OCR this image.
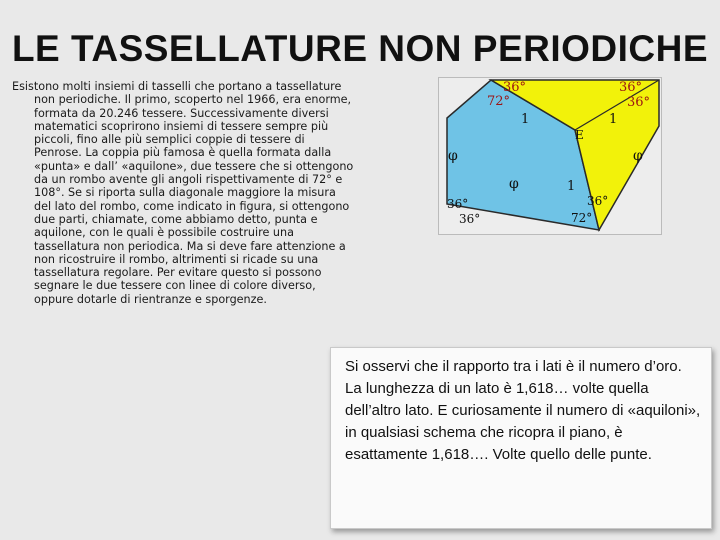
LE TASSELLATURE NON PERIODICHE
Esistono molti insiemi di tasselli che portano a tassellature non periodiche. Il primo, scoperto nel 1966, era enorme, formata da 20.246 tessere. Successivamente diversi matematici scoprirono insiemi di tessere sempre più piccoli, fino alle più semplici coppie di tessere di Penrose. La coppia più famosa è quella formata dalla «punta» e dall’ «aquilone», due tessere che si ottengono da un rombo avente gli angoli rispettivamente di 72° e 108°. Se si riporta sulla diagonale maggiore la misura del lato del rombo, come indicato in figura, si ottengono due parti, chiamate, come abbiamo detto, punta e aquilone, con le quali è possibile costruire una tassellatura non periodica. Ma si deve fare attenzione a non ricostruire il rombo, altrimenti si ricade su una tassellatura regolare. Per evitare questo si possono segnare le due tessere con linee di colore diverso, oppure dotarle di rientranze e sporgenze.
36°	36°
72°	36°
1	1
E
φ	φ
φ	1
36°
36°
36°
72°

Si osservi che il rapporto tra i lati è il numero d’oro. La lunghezza di un lato è 1,618… volte quella dell’altro lato. E curiosamente il numero di «aquiloni», in qualsiasi schema che ricopra il piano, è esattamente 1,618…. Volte quello delle punte.
